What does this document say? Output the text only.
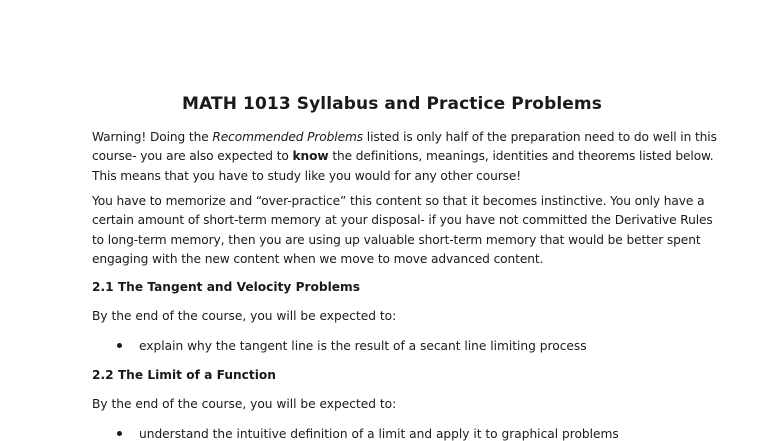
MATH 1013 Syllabus and Practice Problems

Warning! Doing the Recommended Problems listed is only half of the preparation need to do well in this course- you are also expected to know the definitions, meanings, identities and theorems listed below. This means that you have to study like you would for any other course!

You have to memorize and “over-practice” this content so that it becomes instinctive. You only have a certain amount of short-term memory at your disposal- if you have not committed the Derivative Rules to long-term memory, then you are using up valuable short-term memory that would be better spent engaging with the new content when we move to move advanced content.

2.1 The Tangent and Velocity Problems

By the end of the course, you will be expected to:

explain why the tangent line is the result of a secant line limiting process
2.2 The Limit of a Function

By the end of the course, you will be expected to:

understand the intuitive definition of a limit and apply it to graphical problems
